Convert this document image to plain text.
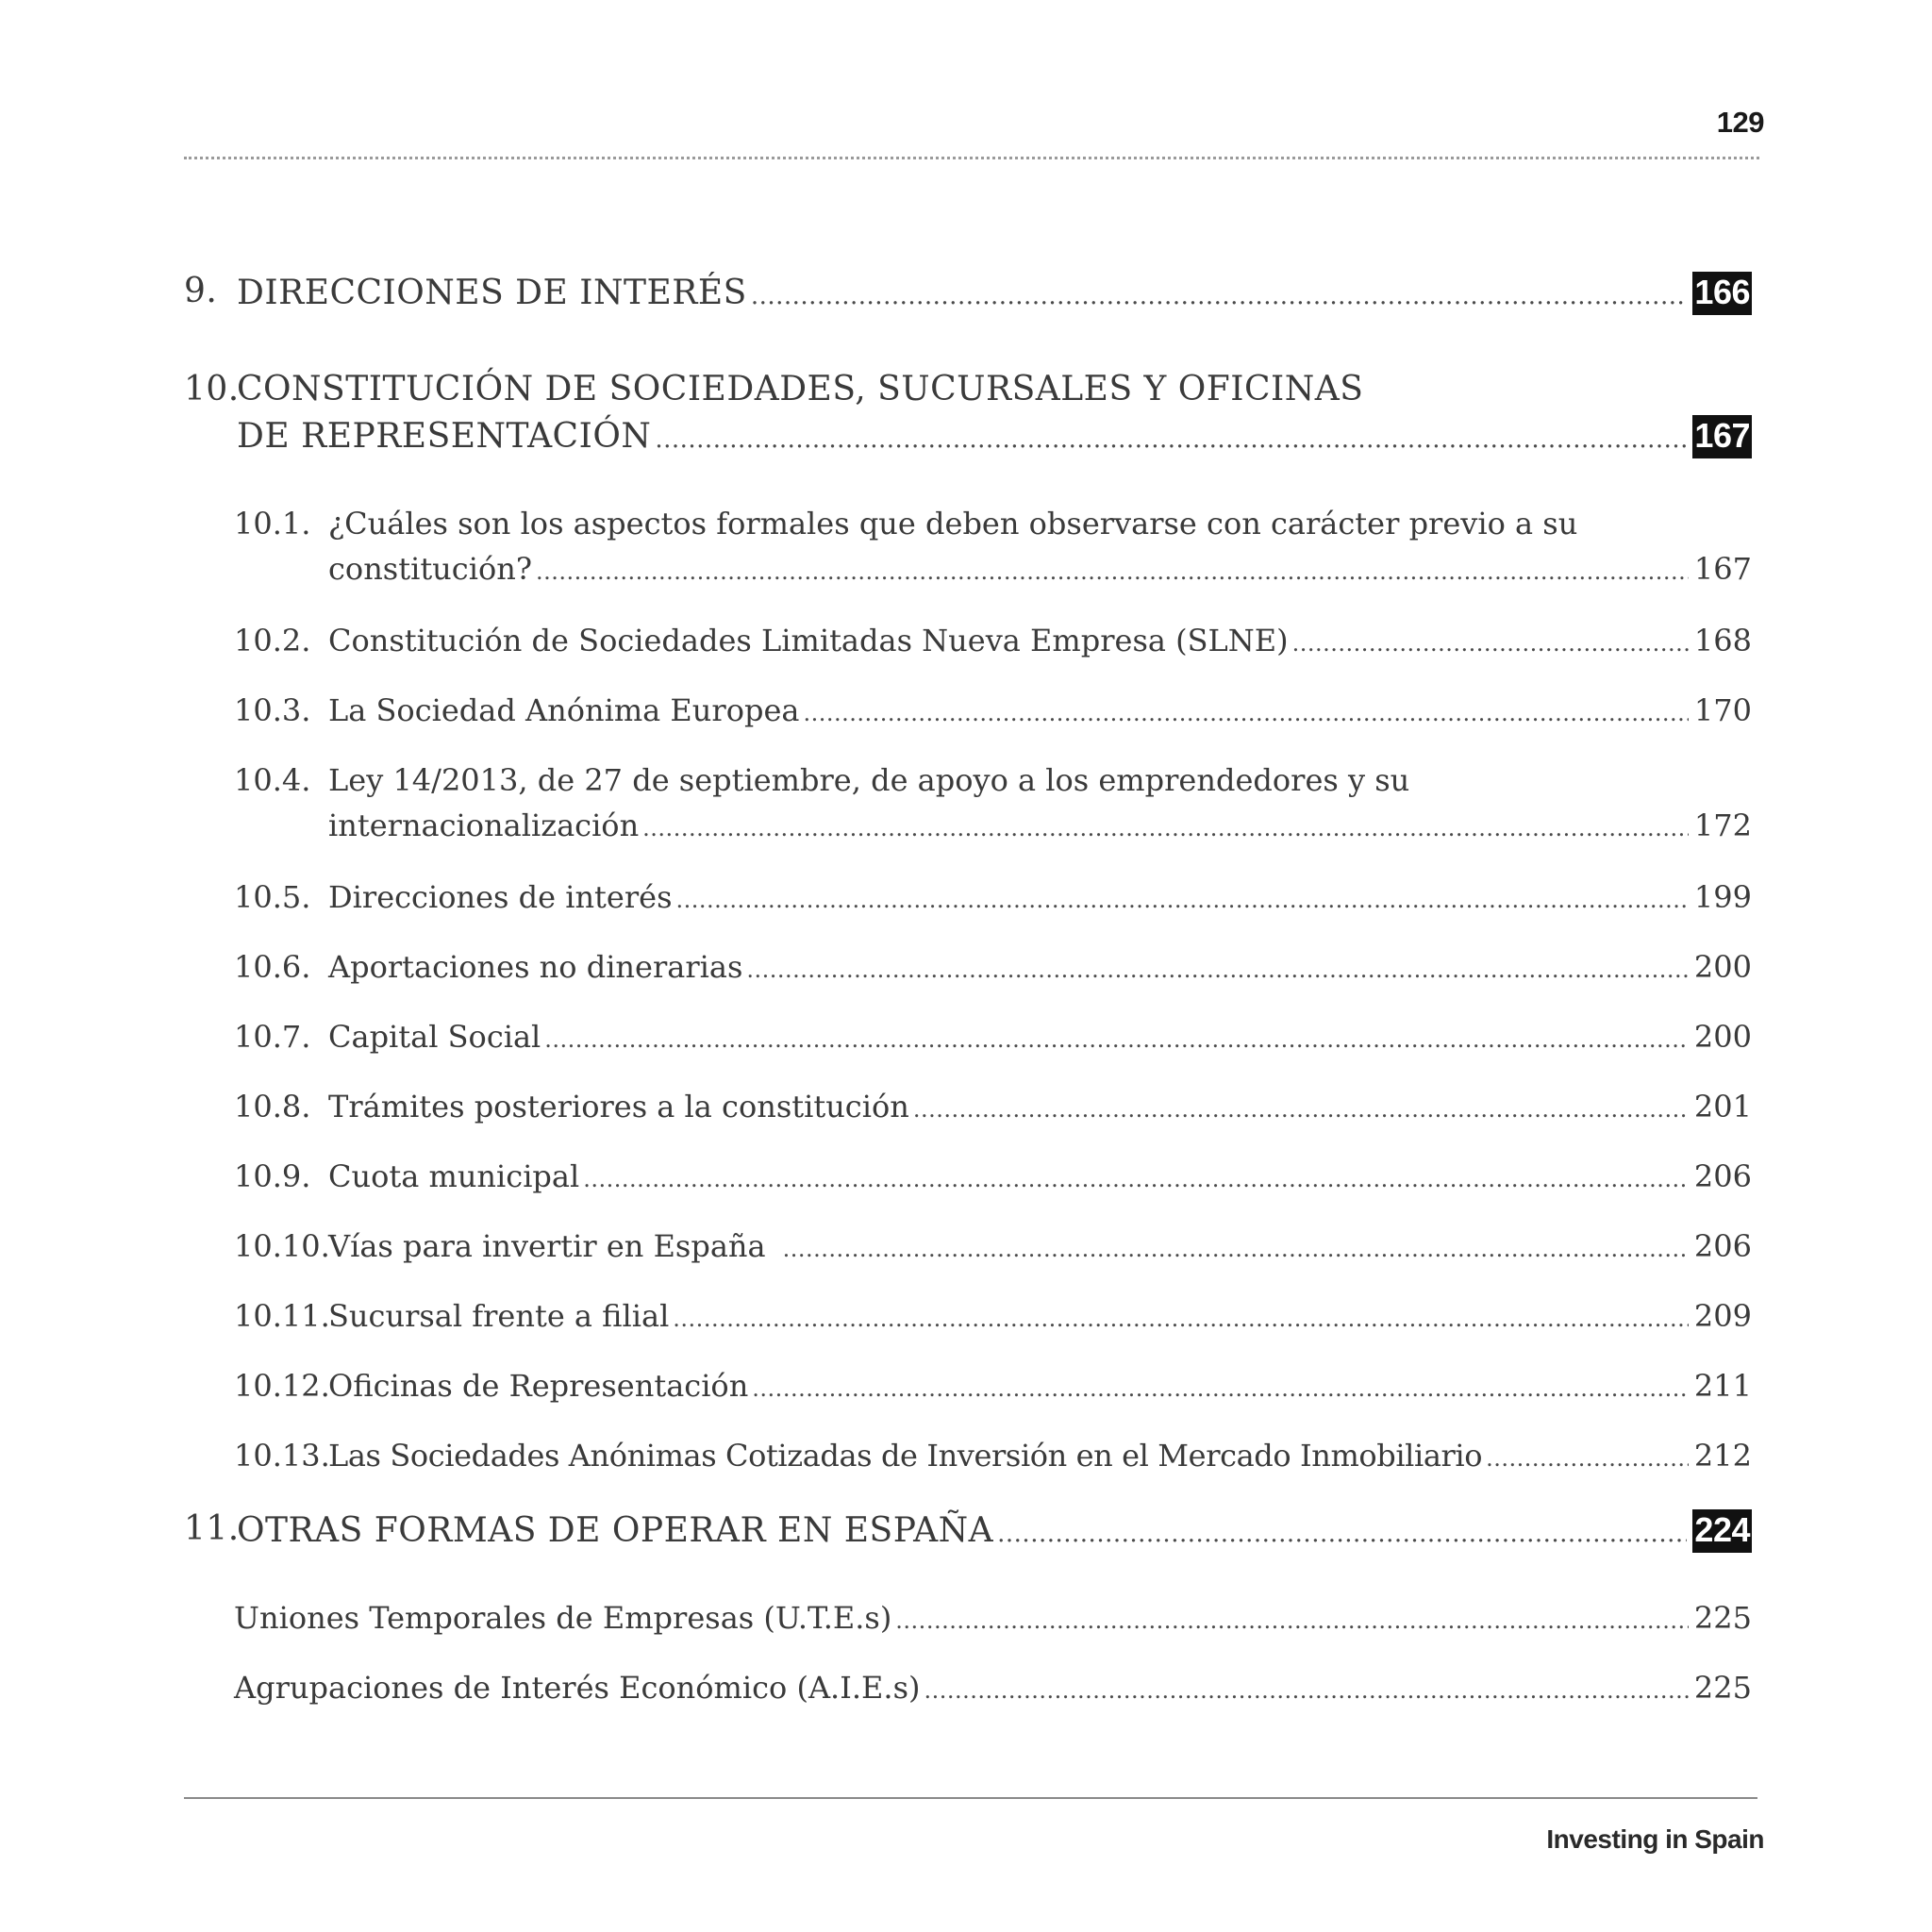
129
9. DIRECCIONES DE INTERÉS .....	166
10.
CONSTITUCIÓN DE SOCIEDADES, SUCURSALES Y OFICINAS
DE REPRESENTACIÓN .....	167
10.1. ¿Cuáles son los aspectos formales que deben observarse con carácter previo a su
constitución? .....	167
10.2. Constitución de Sociedades Limitadas Nueva Empresa (SLNE) .....	168
10.3. La Sociedad Anónima Europea .....	170
10.4. Ley 14/2013, de 27 de septiembre, de apoyo a los emprendedores y su
internacionalización .....	172
10.5. Direcciones de interés .....	199
10.6. Aportaciones no dinerarias .....	200
10.7. Capital Social .....	200
10.8. Trámites posteriores a la constitución .....	201
10.9. Cuota municipal .....	206
10.10.
Vías para invertir en España .....	206
10.11.
Sucursal frente a filial .....	209
10.12.
Oficinas de Representación .....	211
10.13.
Las Sociedades Anónimas Cotizadas de Inversión en el Mercado Inmobiliario .....	212
11.
OTRAS FORMAS DE OPERAR EN ESPAÑA .....	224
Uniones Temporales de Empresas (U.T.E.s) .....	225
Agrupaciones de Interés Económico (A.I.E.s) .....	225
Investing in Spain
